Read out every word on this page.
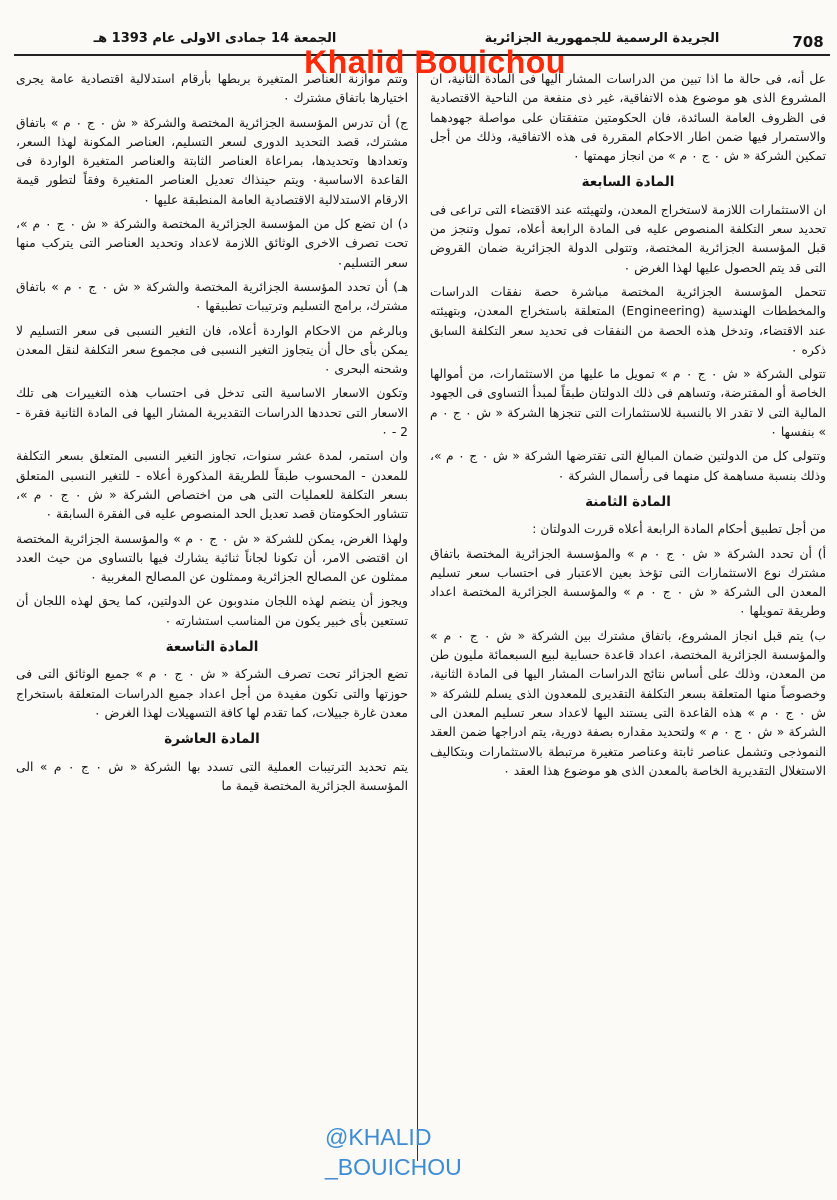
708
الجريدة الرسمية للجمهورية الجزائرية
الجمعة 14 جمادى الاولى عام 1393 هـ

عل أنه، فى حالة ما اذا تبين من الدراسات المشار اليها فى المادة الثانية، ان المشروع الذى هو موضوع هذه الاتفاقية، غير ذى منفعة من الناحية الاقتصادية فى الظروف العامة السائدة، فان الحكومتين متفقتان على مواصلة جهودهما والاستمرار فيها ضمن اطار الاحكام المقررة فى هذه الاتفاقية، وذلك من أجل تمكين الشركة « ش ٠ ج ٠ م » من انجاز مهمتها ٠

المادة السابعة

ان الاستثمارات اللازمة لاستخراج المعدن، ولتهيئته عند الاقتضاء التى تراعى فى تحديد سعر التكلفة المنصوص عليه فى المادة الرابعة أعلاه، تمول وتنجز من قبل المؤسسة الجزائرية المختصة، وتتولى الدولة الجزائرية ضمان القروض التى قد يتم الحصول عليها لهذا الغرض ٠

تتحمل المؤسسة الجزائرية المختصة مباشرة حصة نفقات الدراسات والمخططات الهندسية (Engineering) المتعلقة باستخراج المعدن، وبتهيئته عند الاقتضاء، وتدخل هذه الحصة من النفقات فى تحديد سعر التكلفة السابق ذكره ٠

تتولى الشركة « ش ٠ ج ٠ م » تمويل ما عليها من الاستثمارات، من أموالها الخاصة أو المقترضة، وتساهم فى ذلك الدولتان طبقاً لمبدأ التساوى فى الجهود المالية التى لا تقدر الا بالنسبة للاستثمارات التى تنجزها الشركة « ش ٠ ج ٠ م » بنفسها ٠

وتتولى كل من الدولتين ضمان المبالغ التى تقترضها الشركة « ش ٠ ج ٠ م »، وذلك بنسبة مساهمة كل منهما فى رأسمال الشركة ٠

المادة الثامنة

من أجل تطبيق أحكام المادة الرابعة أعلاه قررت الدولتان :

أ) أن تحدد الشركة « ش ٠ ج ٠ م » والمؤسسة الجزائرية المختصة باتفاق مشترك نوع الاستثمارات التى تؤخذ بعين الاعتبار فى احتساب سعر تسليم المعدن الى الشركة « ش ٠ ج ٠ م » والمؤسسة الجزائرية المختصة اعداد وطريقة تمويلها ٠

ب) يتم قبل انجاز المشروع، باتفاق مشترك بين الشركة « ش ٠ ج ٠ م » والمؤسسة الجزائرية المختصة، اعداد قاعدة حسابية لبيع السبعمائة مليون طن من المعدن، وذلك على أساس نتائج الدراسات المشار اليها فى المادة الثانية، وخصوصاً منها المتعلقة بسعر التكلفة التقديرى للمعدون الذى يسلم للشركة « ش ٠ ج ٠ م » هذه القاعدة التى يستند اليها لاعداد سعر تسليم المعدن الى الشركة « ش ٠ ج ٠ م » ولتحديد مقداره بصفة دورية، يتم ادراجها ضمن العقد النموذجى وتشمل عناصر ثابتة وعناصر متغيرة مرتبطة بالاستثمارات وبتكاليف الاستغلال التقديرية الخاصة بالمعدن الذى هو موضوع هذا العقد ٠

وتتم موازنة العناصر المتغيرة بربطها بأرقام استدلالية اقتصادية عامة يجرى اختيارها باتفاق مشترك ٠

ج) أن تدرس المؤسسة الجزائرية المختصة والشركة « ش ٠ ج ٠ م » باتفاق مشترك، قصد التحديد الدورى لسعر التسليم، العناصر المكونة لهذا السعر، وتعدادها وتحديدها، بمراعاة العناصر الثابتة والعناصر المتغيرة الواردة فى القاعدة الاساسية٠ ويتم حينذاك تعديل العناصر المتغيرة وفقاً لتطور قيمة الارقام الاستدلالية الاقتصادية العامة المنطبقة عليها ٠

د) ان تضع كل من المؤسسة الجزائرية المختصة والشركة « ش ٠ ج ٠ م »، تحت تصرف الاخرى الوثائق اللازمة لاعداد وتحديد العناصر التى يتركب منها سعر التسليم٠

هـ) أن تحدد المؤسسة الجزائرية المختصة والشركة « ش ٠ ج ٠ م » باتفاق مشترك، برامج التسليم وترتيبات تطبيقها ٠

وبالرغم من الاحكام الواردة أعلاه، فان التغير النسبى فى سعر التسليم لا يمكن بأى حال أن يتجاوز التغير النسبى فى مجموع سعر التكلفة لنقل المعدن وشحنه البحرى ٠

وتكون الاسعار الاساسية التى تدخل فى احتساب هذه التغييرات هى تلك الاسعار التى تحددها الدراسات التقديرية المشار اليها فى المادة الثانية فقرة - 2 - ٠

وان استمر، لمدة عشر سنوات، تجاوز التغير النسبى المتعلق بسعر التكلفة للمعدن - المحسوب طبقاً للطريقة المذكورة أعلاه - للتغير النسبى المتعلق بسعر التكلفة للعمليات التى هى من اختصاص الشركة « ش ٠ ج ٠ م »، تتشاور الحكومتان قصد تعديل الحد المنصوص عليه فى الفقرة السابقة ٠

ولهذا الغرض، يمكن للشركة « ش ٠ ج ٠ م » والمؤسسة الجزائرية المختصة ان اقتضى الامر، أن تكونا لجاناً ثنائية يشارك فيها بالتساوى من حيث العدد ممثلون عن المصالح الجزائرية وممثلون عن المصالح المغربية ٠

ويجوز أن ينضم لهذه اللجان مندوبون عن الدولتين، كما يحق لهذه اللجان أن تستعين بأى خبير يكون من المناسب استشارته ٠

المادة التاسعة

تضع الجزائر تحت تصرف الشركة « ش ٠ ج ٠ م » جميع الوثائق التى فى حوزتها والتى تكون مفيدة من أجل اعداد جميع الدراسات المتعلقة باستخراج معدن غارة جبيلات، كما تقدم لها كافة التسهيلات لهذا الغرض ٠

المادة العاشرة

يتم تحديد الترتيبات العملية التى تسدد بها الشركة « ش ٠ ج ٠ م » الى المؤسسة الجزائرية المختصة قيمة ما

Khalid Bouichou
@KHALID
_BOUICHOU
